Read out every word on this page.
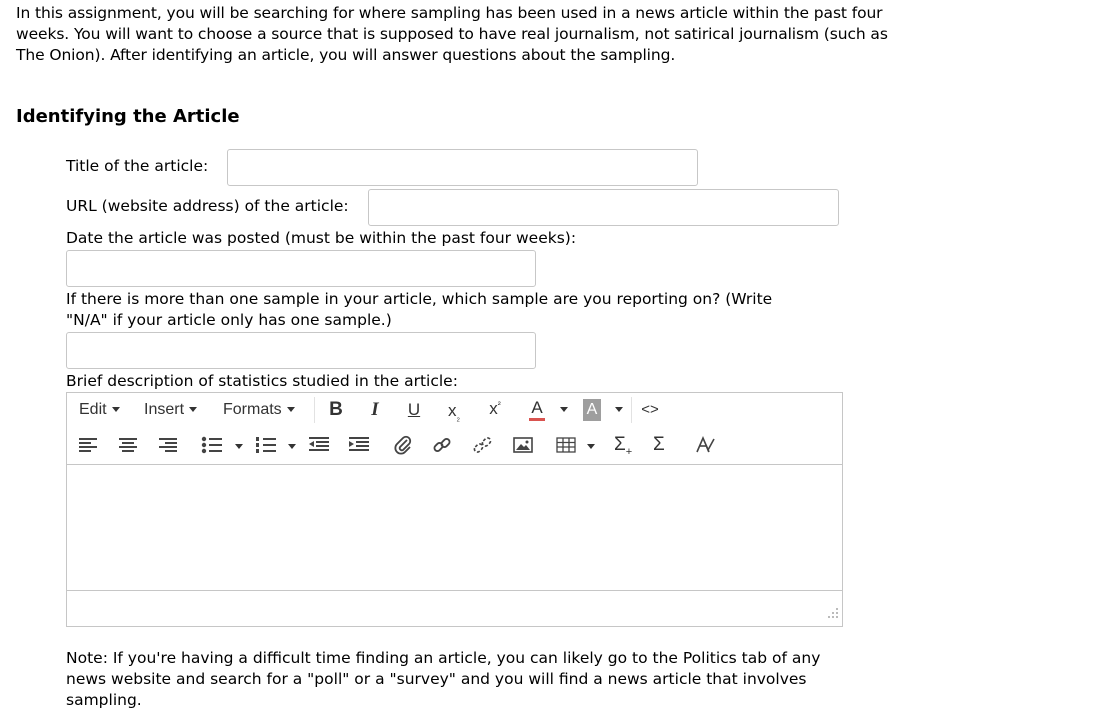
In this assignment, you will be searching for where sampling has been used in a news article within the past four weeks. You will want to choose a source that is supposed to have real journalism, not satirical journalism (such as The Onion). After identifying an article, you will answer questions about the sampling.
Identifying the Article
Title of the article:
URL (website address) of the article:
Date the article was posted (must be within the past four weeks):
If there is more than one sample in your article, which sample are you reporting on? (Write
"N/A" if your article only has one sample.)
Brief description of statistics studied in the article:
Edit	Insert	Formats	B I U $x_{_2}$	$x^{^2}$	A	A	<>
$\Sigma_+$ Σ
Note: If you're having a difficult time finding an article, you can likely go to the Politics tab of any news website and search for a "poll" or a "survey" and you will find a news article that involves sampling.
